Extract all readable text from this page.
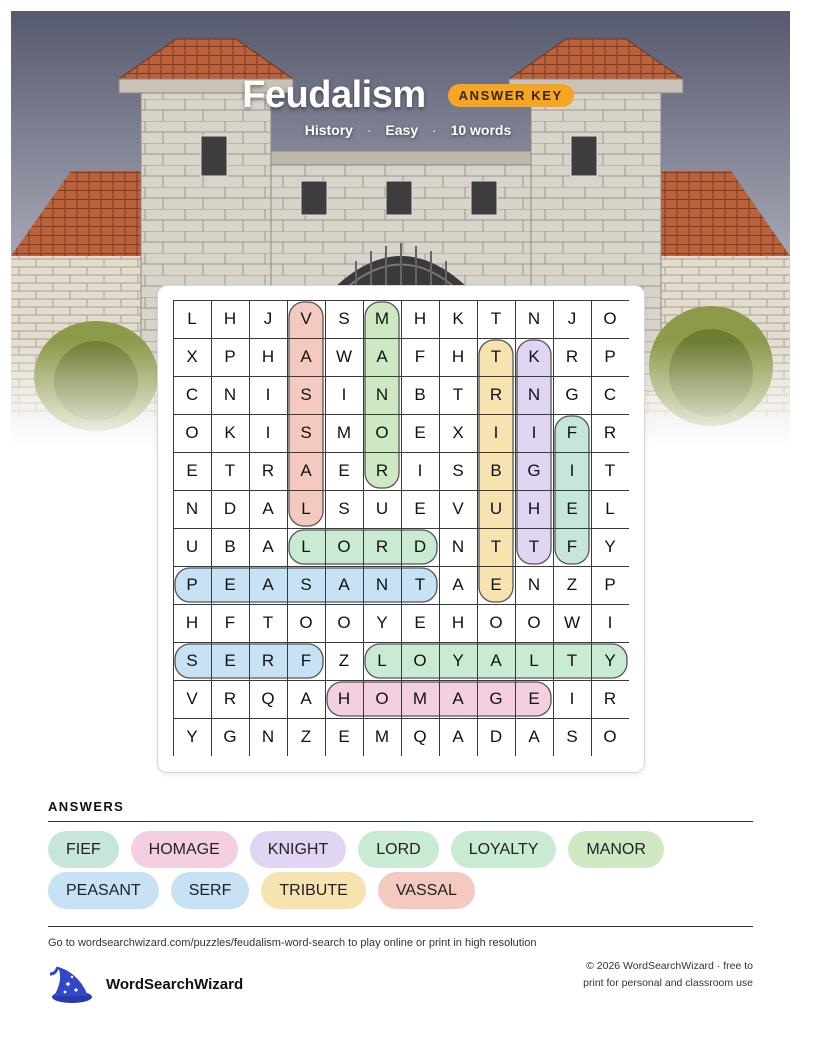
Feudalism	ANSWER KEY
History · Easy · 10 words
L	H	J	V	S	M	H	K	T	N	J	O
X	P	H	A	W	A	F	H	T	K	R	P
C	N	I	S	I	N	B	T	R	N	G	C
O	K	I	S	M	O	E	X	I	I	F	R
E	T	R	A	E	R	I	S	B	G	I	T
N	D	A	L	S	U	E	V	U	H	E	L
U	B	A	L	O	R	D	N	T	T	F	Y
P	E	A	S	A	N	T	A	E	N	Z	P
H	F	T	O	O	Y	E	H	O	O	W	I
S	E	R	F	Z	L	O	Y	A	L	T	Y
V	R	Q	A	H	O	M	A	G	E	I	R
Y	G	N	Z	E	M	Q	A	D	A	S	O
ANSWERS
FIEF	HOMAGE	KNIGHT	LORD	LOYALTY	MANOR
PEASANT	SERF	TRIBUTE	VASSAL
Go to wordsearchwizard.com/puzzles/feudalism-word-search to play online or print in high resolution
WordSearchWizard
© 2026 WordSearchWizard · free to print for personal and classroom use
